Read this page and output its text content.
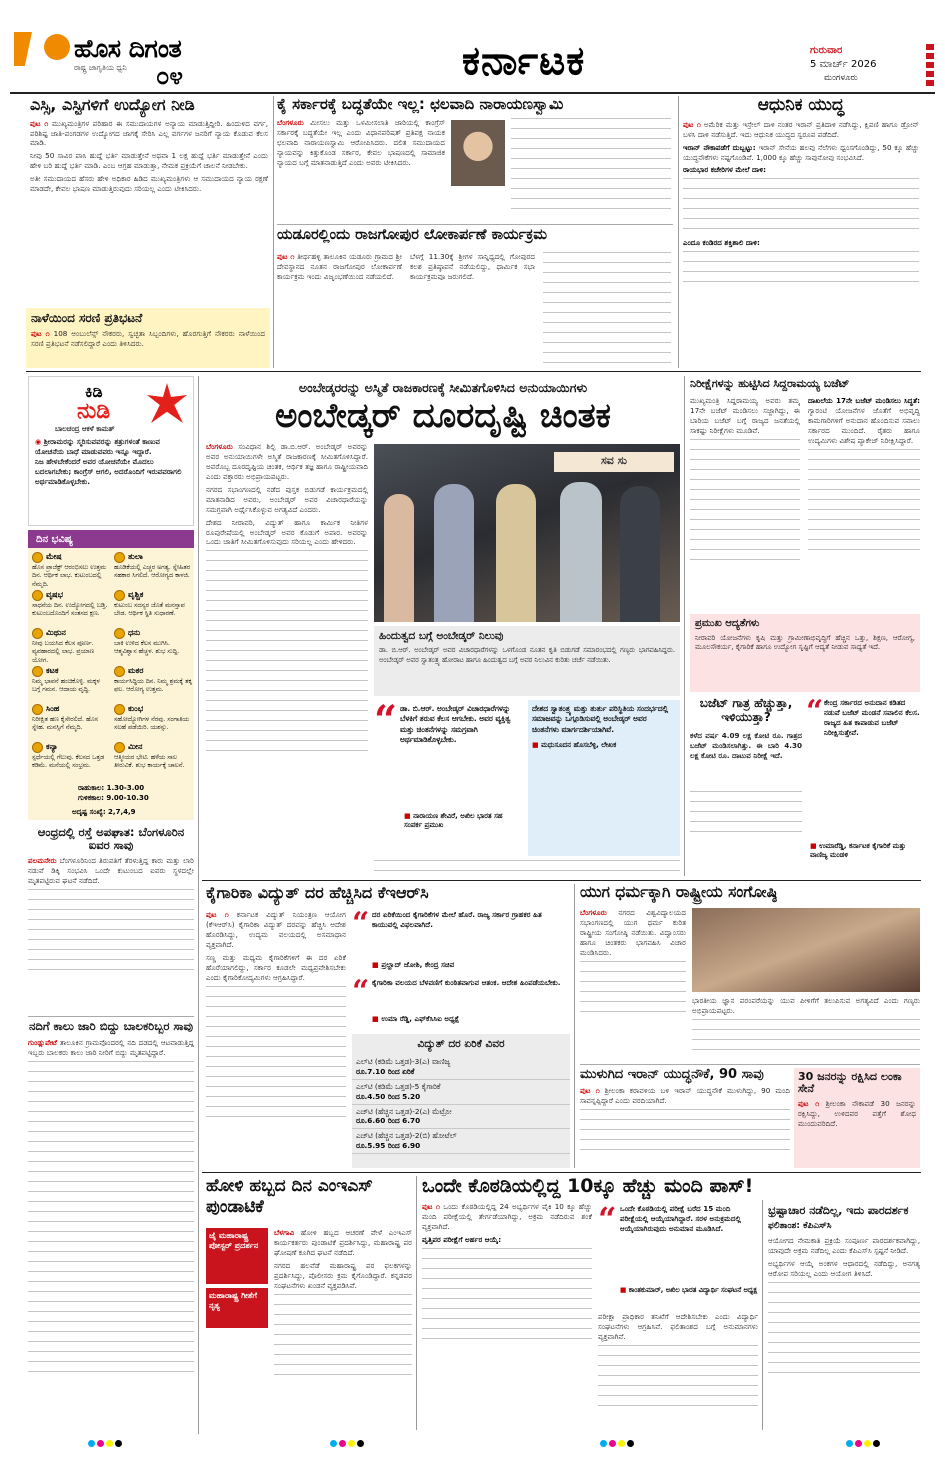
ಹೊಸ ದಿಗಂತ
ರಾಷ್ಟ್ರ ಜಾಗೃತಿಯ ಧ್ವನಿ ೦೪	ಕರ್ನಾಟಕ	ಗುರುವಾರ
5 ಮಾರ್ಚ್ 2026
ಮಂಗಳೂರು
ಎಸ್ಸಿ, ಎಸ್ಟಿಗಳಿಗೆ ಉದ್ಯೋಗ ನೀಡಿ

ಪುಟ ೧ ಮುಖ್ಯಮಂತ್ರಿಗಳ ಪರಿಹಾರ ಈ ಸಮುದಾಯಗಳ ಅನ್ಯಾಯ ಮಾಡುತ್ತಿದ್ದೀರಿ. ಹಿಂದುಳಿದ ವರ್ಗ, ಪರಿಶಿಷ್ಟ ಜಾತಿ-ಪಂಗಡಗಳ ಉದ್ಯೋಗದ ಜಾಗಕ್ಕೆ ಸೇರಿಸಿ ಎಲ್ಲ ವರ್ಗಗಳ ಜನರಿಗೆ ನ್ಯಾಯ ಕೊಡುವ ಕೆಲಸ ಮಾಡಿ.

ನೀವು 50 ಸಾವಿರ ಪಾಸಿ ಹುದ್ದೆ ಭರ್ತಿ ಮಾಡುತ್ತೇನೆ ಅಥವಾ 1 ಲಕ್ಷ ಹುದ್ದೆ ಭರ್ತಿ ಮಾಡುತ್ತೇನೆ ಎಂದು ಹೇಳಿ ಬರಿ ಹುದ್ದೆ ಭರ್ತಿ ಮಾಡಿ. ಎಂಬ ಆಗ್ರಹ ಮಾಡುತ್ತಾ, ನೇಮಕ ಪ್ರಕ್ರಿಯೆಗೆ ಚಾಲನೆ ನೀಡಬೇಕು.

ಅತೀ ಸಮುದಾಯದ ಹೆಸರು ಹೇಳಿ ಅಧಿಕಾರ ಹಿಡಿದ ಮುಖ್ಯಮಂತ್ರಿಗಳು ಆ ಸಮುದಾಯದ ನ್ಯಾಯ ರಕ್ಷಣೆ ಮಾಡದೇ, ಕೇವಲ ಭಾಷಣ ಮಾಡುತ್ತಿರುವುದು ಸರಿಯಲ್ಲ ಎಂದು ಟೀಕಿಸಿದರು.

ನಾಳೆಯಿಂದ ಸರಣಿ ಪ್ರತಿಭಟನೆ
ಪುಟ ೧ 108 ಆಂಬುಲೆನ್ಸ್ ನೌಕರರು, ಸ್ವಚ್ಛತಾ ಸಿಬ್ಬಂದಿಗಳು, ಹೊರಗುತ್ತಿಗೆ ನೌಕರರು ನಾಳೆಯಿಂದ ಸರಣಿ ಪ್ರತಿಭಟನೆ ನಡೆಸಲಿದ್ದಾರೆ ಎಂದು ತಿಳಿಸಿದರು.
ಕೈ ಸರ್ಕಾರಕ್ಕೆ ಬದ್ಧತೆಯೇ ಇಲ್ಲ: ಛಲವಾದಿ ನಾರಾಯಣಸ್ವಾಮಿ
ಬೆಂಗಳೂರು ಮೀಸಲು ಮತ್ತು ಒಳಮೀಸಲಾತಿ ಜಾರಿಯಲ್ಲಿ ಕಾಂಗ್ರೆಸ್ ಸರ್ಕಾರಕ್ಕೆ ಬದ್ಧತೆಯೇ ಇಲ್ಲ ಎಂದು ವಿಧಾನಪರಿಷತ್ ಪ್ರತಿಪಕ್ಷ ನಾಯಕ ಛಲವಾದಿ ನಾರಾಯಣಸ್ವಾಮಿ ಆರೋಪಿಸಿದರು. ದಲಿತ ಸಮುದಾಯದ ನ್ಯಾಯವನ್ನು ಕಿತ್ತುಕೊಂಡ ಸರ್ಕಾರ, ಕೇವಲ ಭಾಷಣದಲ್ಲಿ ಸಾಮಾಜಿಕ ನ್ಯಾಯದ ಬಗ್ಗೆ ಮಾತನಾಡುತ್ತಿದೆ ಎಂದು ಅವರು ಟೀಕಿಸಿದರು.
ಯಡೂರಲ್ಲಿಂದು ರಾಜಗೋಪುರ ಲೋಕಾರ್ಪಣೆ ಕಾರ್ಯಕ್ರಮ
ಪುಟ ೧ ತೀರ್ಥಹಳ್ಳಿ ತಾಲೂಕಿನ ಯಡೂರು ಗ್ರಾಮದ ಶ್ರೀ ದೇವಸ್ಥಾನದ ನೂತನ ರಾಜಗೋಪುರ ಲೋಕಾರ್ಪಣೆ ಕಾರ್ಯಕ್ರಮ ಇಂದು ವಿಜೃಂಭಣೆಯಿಂದ ನಡೆಯಲಿದೆ.
ಬೆಳಗ್ಗೆ 11.30ಕ್ಕೆ ಶ್ರೀಗಳ ಸಾನ್ನಿಧ್ಯದಲ್ಲಿ ಗೋಪುರದ ಕಲಶ ಪ್ರತಿಷ್ಠಾಪನೆ ನಡೆಯಲಿದ್ದು, ಧಾರ್ಮಿಕ ಸಭಾ ಕಾರ್ಯಕ್ರಮವೂ ಜರುಗಲಿದೆ.
ಆಧುನಿಕ ಯುದ್ಧ

ಪುಟ ೧ ಅಮೆರಿಕ ಮತ್ತು ಇಸ್ರೇಲ್ ದಾಳಿ ನಂತರ ಇರಾನ್ ಪ್ರತಿದಾಳಿ ನಡೆಸಿದ್ದು, ಕ್ಷಿಪಣಿ ಹಾಗೂ ಡ್ರೋನ್ ಬಳಸಿ ದಾಳಿ ನಡೆಸುತ್ತಿದೆ. ಇದು ಆಧುನಿಕ ಯುದ್ಧದ ಸ್ವರೂಪ ಪಡೆದಿದೆ.

ಇರಾನ್ ನೌಕಾಪಡೆಗೆ ದುಬ್ಬಟ್ಟು: ಇರಾನ್ ಸೇನೆಯ ಹಲವು ನೆಲೆಗಳು ಧ್ವಂಸಗೊಂಡಿದ್ದು, 50 ಕ್ಕೂ ಹೆಚ್ಚು ಯುದ್ಧನೌಕೆಗಳು ನಷ್ಟಗೊಂಡಿವೆ. 1,000 ಕ್ಕೂ ಹೆಚ್ಚು ಸಾವುನೋವು ಸಂಭವಿಸಿದೆ.

ರಾಯಭಾರ ಕಚೇರಿಗಳ ಮೇಲೆ ದಾಳಿ:

ಎಂದೂ ಕಂಡಿರದ ಶಕ್ತಿಶಾಲಿ ದಾಳಿ:

ಕಿಡಿ
ನುಡಿ
ಬಾಲಚಂದ್ರ ಆಕಳೆ ಕಾಮತ್
◉ ಶ್ರೀರಾಮರನ್ನು ಸ್ಮರಿಸುವವರನ್ನು ಶತ್ರುಗಳಂತೆ ಕಾಣುವ ಯೋಚನೆಯ ಬಾಧೆ ಮಾಡುವವರು ಇನ್ನೂ ಇದ್ದಾರೆ.
ನಿಜ ಹೇಳಬೇಕೆಂದರೆ ಅವರ ಯೋಚನೆಯೇ ಮೊದಲು ಬದಲಾಗಬೇಕು; ಕಾಂಗ್ರೆಸ್ ಆಗಲಿ, ಅದರೊಂದಿಗೆ ಇರುವವರಾಗಲಿ ಅರ್ಥಮಾಡಿಕೊಳ್ಳಬೇಕು.
ದಿನ ಭವಿಷ್ಯ
ಮೇಷ
ಹೊಸ ಪ್ರಾಜೆಕ್ಟ್ ಆರಂಭಿಸಲು ಉತ್ತಮ ದಿನ. ಆರ್ಥಿಕ ಲಾಭ. ಕುಟುಂಬದಲ್ಲಿ ನೆಮ್ಮದಿ.
ತುಲಾ
ಹೂಡಿಕೆಯಲ್ಲಿ ಎಚ್ಚರ ಅಗತ್ಯ. ಸ್ನೇಹಿತರ ಸಹಕಾರ ಸಿಗಲಿದೆ. ಆರೋಗ್ಯದ ಕಾಳಜಿ.
ವೃಷಭ
ಸಾಧನೆಯ ದಿನ. ಉದ್ಯೋಗದಲ್ಲಿ ಬಡ್ತಿ. ಕುಟುಂಬದೊಂದಿಗೆ ಸಂತಸದ ಕ್ಷಣ.
ವೃಶ್ಚಿಕ
ಕುಟುಂಬ ಸದಸ್ಯರ ಜೊತೆ ಮನಸ್ತಾಪ ಬೇಡ. ಆರ್ಥಿಕ ಸ್ಥಿತಿ ಸುಧಾರಣೆ.
ಮಿಥುನ
ನೀವು ಬಯಸಿದ ಕೆಲಸ ಪೂರ್ಣ. ವ್ಯವಹಾರದಲ್ಲಿ ಲಾಭ. ಪ್ರಯಾಣ ಯೋಗ.
ಧನು
ಬಾಕಿ ಉಳಿದ ಕೆಲಸ ಮುಗಿಸಿ. ಆತ್ಮವಿಶ್ವಾಸ ಹೆಚ್ಚಳ. ಶುಭ ಸುದ್ದಿ.
ಕಟಕ
ನಿಮ್ಮ ಭಾವನೆ ಹಂಚಿಕೊಳ್ಳಿ. ಮಕ್ಕಳ ಬಗ್ಗೆ ಗಮನ. ಆದಾಯ ವೃದ್ಧಿ.
ಮಕರ
ಕಾರ್ಯಸಿದ್ಧಿಯ ದಿನ. ನಿಮ್ಮ ಶ್ರಮಕ್ಕೆ ತಕ್ಕ ಫಲ. ಆರೋಗ್ಯ ಉತ್ತಮ.
ಸಿಂಹ
ನಿರೀಕ್ಷಿತ ಹಣ ಕೈಸೇರಲಿದೆ. ಹೊಸ ಸ್ನೇಹ. ಮನಸ್ಸಿಗೆ ನೆಮ್ಮದಿ.
ಕುಂಭ
ಸಹೋದ್ಯೋಗಿಗಳ ನೆರವು. ಸಂಗಾತಿಯ ಸಲಹೆ ಪಡೆಯಿರಿ. ಯಶಸ್ಸು.
ಕನ್ಯಾ
ಸ್ಪರ್ಧೆಯಲ್ಲಿ ಗೆಲುವು. ಕೆಲಸದ ಒತ್ತಡ ಕಡಿಮೆ. ಮನೆಯಲ್ಲಿ ಸಂಭ್ರಮ.
ಮೀನ
ಆತ್ಮೀಯರ ಭೇಟಿ. ಹಳೆಯ ಸಾಲ ತೀರುವಿಕೆ. ಶುಭ ಕಾರ್ಯಕ್ಕೆ ಚಾಲನೆ.
ರಾಹುಕಾಲ: 1.30-3.00
ಗುಳಿಕಕಾಲ: 9.00-10.30
ಅದೃಷ್ಟ ಸಂಖ್ಯೆ: 2,7,4,9
ಆಂಧ್ರದಲ್ಲಿ ರಸ್ತೆ ಅಪಘಾತ: ಬೆಂಗಳೂರಿನ ಐವರ ಸಾವು
ಪಲಮನೇರು ಬೆಂಗಳೂರಿನಿಂದ ತಿರುಪತಿಗೆ ತೆರಳುತ್ತಿದ್ದ ಕಾರು ಮತ್ತು ಲಾರಿ ನಡುವೆ ಡಿಕ್ಕಿ ಸಂಭವಿಸಿ ಒಂದೇ ಕುಟುಂಬದ ಐವರು ಸ್ಥಳದಲ್ಲೇ ಮೃತಪಟ್ಟಿರುವ ಘಟನೆ ನಡೆದಿದೆ.
ನದಿಗೆ ಕಾಲು ಜಾರಿ ಬಿದ್ದು ಬಾಲಕರಿಬ್ಬರ ಸಾವು
ಗುಂಡ್ಲುಪೇಟೆ ತಾಲೂಕಿನ ಗ್ರಾಮವೊಂದರಲ್ಲಿ ನದಿ ದಡದಲ್ಲಿ ಆಟವಾಡುತ್ತಿದ್ದ ಇಬ್ಬರು ಬಾಲಕರು ಕಾಲು ಜಾರಿ ನೀರಿಗೆ ಬಿದ್ದು ಮೃತಪಟ್ಟಿದ್ದಾರೆ.
ಅಂಬೇಡ್ಕರರನ್ನು ಅಸ್ಮಿತೆ ರಾಜಕಾರಣಕ್ಕೆ ಸೀಮಿತಗೊಳಿಸಿದ ಅನುಯಾಯಿಗಳು
ಅಂಬೇಡ್ಕರ್ ದೂರದೃಷ್ಟಿ ಚಿಂತಕ

ಬೆಂಗಳೂರು ಸಂವಿಧಾನ ಶಿಲ್ಪಿ ಡಾ.ಬಿ.ಆರ್. ಅಂಬೇಡ್ಕರ್ ಅವರನ್ನು ಅವರ ಅನುಯಾಯಿಗಳೇ ಅಸ್ಮಿತೆ ರಾಜಕಾರಣಕ್ಕೆ ಸೀಮಿತಗೊಳಿಸಿದ್ದಾರೆ. ಅವರೊಬ್ಬ ದೂರದೃಷ್ಟಿಯ ಚಿಂತಕ, ಆರ್ಥಿಕ ತಜ್ಞ ಹಾಗೂ ರಾಷ್ಟ್ರೀಯವಾದಿ ಎಂದು ವಕ್ತಾರರು ಅಭಿಪ್ರಾಯಪಟ್ಟರು.

ನಗರದ ಸಭಾಂಗಣದಲ್ಲಿ ನಡೆದ ಪುಸ್ತಕ ಬಿಡುಗಡೆ ಕಾರ್ಯಕ್ರಮದಲ್ಲಿ ಮಾತನಾಡಿದ ಅವರು, ಅಂಬೇಡ್ಕರ್ ಅವರ ವಿಚಾರಧಾರೆಯನ್ನು ಸಮಗ್ರವಾಗಿ ಅರ್ಥೈಸಿಕೊಳ್ಳುವ ಅಗತ್ಯವಿದೆ ಎಂದರು.

ದೇಶದ ನೀರಾವರಿ, ವಿದ್ಯುತ್ ಹಾಗೂ ಕಾರ್ಮಿಕ ನೀತಿಗಳ ರೂಪುರೇಷೆಯಲ್ಲಿ ಅಂಬೇಡ್ಕರ್ ಅವರ ಕೊಡುಗೆ ಅಪಾರ. ಅವರನ್ನು ಒಂದು ಜಾತಿಗೆ ಸೀಮಿತಗೊಳಿಸುವುದು ಸರಿಯಲ್ಲ ಎಂದು ಹೇಳಿದರು.

ಸವ ಸು
ಹಿಂದುತ್ವದ ಬಗ್ಗೆ ಅಂಬೇಡ್ಕರ್ ನಿಲುವು
ಡಾ. ಬಿ.ಆರ್. ಅಂಬೇಡ್ಕರ್ ಅವರ ವಿಚಾರಧಾರೆಗಳನ್ನು ಒಳಗೊಂಡ ನೂತನ ಕೃತಿ ಬಿಡುಗಡೆ ಸಮಾರಂಭದಲ್ಲಿ ಗಣ್ಯರು ಭಾಗವಹಿಸಿದ್ದರು. ಅಂಬೇಡ್ಕರ್ ಅವರ ಸ್ವಾತಂತ್ರ್ಯ ಹೋರಾಟ ಹಾಗೂ ಹಿಂದುತ್ವದ ಬಗ್ಗೆ ಅವರ ನಿಲುವಿನ ಕುರಿತು ಚರ್ಚೆ ನಡೆಯಿತು.
“ ಡಾ. ಬಿ.ಆರ್. ಅಂಬೇಡ್ಕರ್ ವಿಚಾರಧಾರೆಗಳನ್ನು ಬೆಳಕಿಗೆ ತರುವ ಕೆಲಸ ಆಗಬೇಕು. ಅವರ ವ್ಯಕ್ತಿತ್ವ ಮತ್ತು ಚಿಂತನೆಗಳನ್ನು ಸಮಗ್ರವಾಗಿ ಅರ್ಥಮಾಡಿಕೊಳ್ಳಬೇಕು.
■ ನಾರಾಯಣ ಶೇವಿರೆ, ಅಖಿಲ ಭಾರತ ಸಹ ಸಂಪರ್ಕ ಪ್ರಮುಖ
ದೇಶದ ಸ್ವಾತಂತ್ರ್ಯ ಮತ್ತು ತುರ್ತು ಪರಿಸ್ಥಿತಿಯ ಸಂದರ್ಭದಲ್ಲಿ ಸಮಾಜವನ್ನು ಒಗ್ಗೂಡಿಸುವಲ್ಲಿ ಅಂಬೇಡ್ಕರ್ ಅವರ ಚಿಂತನೆಗಳು ಮಾರ್ಗದರ್ಶಿಯಾಗಿವೆ.
■ ಮಧುಸೂದನ ಹೊಸಬೆಳ್ಳಿ, ಲೇಖಕ
ನಿರೀಕ್ಷೆಗಳನ್ನು ಹುಟ್ಟಿಸಿದ ಸಿದ್ದರಾಮಯ್ಯ ಬಜೆಟ್
ಮುಖ್ಯಮಂತ್ರಿ ಸಿದ್ದರಾಮಯ್ಯ ಅವರು ತಮ್ಮ 17ನೇ ಬಜೆಟ್ ಮಂಡಿಸಲು ಸಜ್ಜಾಗಿದ್ದು, ಈ ಬಾರಿಯ ಬಜೆಟ್ ಬಗ್ಗೆ ರಾಜ್ಯದ ಜನತೆಯಲ್ಲಿ ಸಾಕಷ್ಟು ನಿರೀಕ್ಷೆಗಳು ಮೂಡಿವೆ.
ದಾಖಲೆಯ 17ನೇ ಬಜೆಟ್ ಮಂಡಿಸಲು ಸಿದ್ಧತೆ: ಗ್ಯಾರಂಟಿ ಯೋಜನೆಗಳ ಜೊತೆಗೆ ಅಭಿವೃದ್ಧಿ ಕಾಮಗಾರಿಗಳಿಗೆ ಅನುದಾನ ಹೊಂದಿಸುವ ಸವಾಲು ಸರ್ಕಾರದ ಮುಂದಿದೆ. ರೈತರು ಹಾಗೂ ಉದ್ಯಮಿಗಳು ವಿಶೇಷ ಪ್ಯಾಕೇಜ್ ನಿರೀಕ್ಷಿಸಿದ್ದಾರೆ.
ಪ್ರಮುಖ ಆದ್ಯತೆಗಳು
ನೀರಾವರಿ ಯೋಜನೆಗಳು ಕೃಷಿ ಮತ್ತು ಗ್ರಾಮೀಣಾಭಿವೃದ್ಧಿಗೆ ಹೆಚ್ಚಿನ ಒತ್ತು, ಶಿಕ್ಷಣ, ಆರೋಗ್ಯ, ಮೂಲಸೌಕರ್ಯ, ಕೈಗಾರಿಕೆ ಹಾಗೂ ಉದ್ಯೋಗ ಸೃಷ್ಟಿಗೆ ಆದ್ಯತೆ ನೀಡುವ ಸಾಧ್ಯತೆ ಇದೆ.
ಬಜೆಟ್ ಗಾತ್ರ ಹೆಚ್ಚುತ್ತಾ, ಇಳಿಯುತ್ತಾ?
ಕಳೆದ ವರ್ಷ 4.09 ಲಕ್ಷ ಕೋಟಿ ರೂ. ಗಾತ್ರದ ಬಜೆಟ್ ಮಂಡಿಸಲಾಗಿತ್ತು. ಈ ಬಾರಿ 4.30 ಲಕ್ಷ ಕೋಟಿ ರೂ. ದಾಟುವ ನಿರೀಕ್ಷೆ ಇದೆ.
“ ಕೇಂದ್ರ ಸರ್ಕಾರದ ಅನುದಾನ ಕಡಿತದ ನಡುವೆ ಬಜೆಟ್ ಮಂಡನೆ ಸವಾಲಿನ ಕೆಲಸ. ರಾಜ್ಯದ ಹಿತ ಕಾಪಾಡುವ ಬಜೆಟ್ ನಿರೀಕ್ಷಿಸುತ್ತೇವೆ.
■ ಉಮಾರೆಡ್ಡಿ, ಕರ್ನಾಟಕ ಕೈಗಾರಿಕೆ ಮತ್ತು ವಾಣಿಜ್ಯ ಮಂಡಳಿ
ಕೈಗಾರಿಕಾ ವಿದ್ಯುತ್ ದರ ಹೆಚ್ಚಿಸಿದ ಕೆಇಆರ್‌ಸಿ

ಪುಟ ೧ ಕರ್ನಾಟಕ ವಿದ್ಯುತ್ ನಿಯಂತ್ರಣ ಆಯೋಗ (ಕೆಇಆರ್‌ಸಿ) ಕೈಗಾರಿಕಾ ವಿದ್ಯುತ್ ದರವನ್ನು ಹೆಚ್ಚಿಸಿ ಆದೇಶ ಹೊರಡಿಸಿದ್ದು, ಉದ್ಯಮ ವಲಯದಲ್ಲಿ ಅಸಮಾಧಾನ ವ್ಯಕ್ತವಾಗಿದೆ.

ಸಣ್ಣ ಮತ್ತು ಮಧ್ಯಮ ಕೈಗಾರಿಕೆಗಳಿಗೆ ಈ ದರ ಏರಿಕೆ ಹೊರೆಯಾಗಲಿದ್ದು, ಸರ್ಕಾರ ಕೂಡಲೇ ಮಧ್ಯಪ್ರವೇಶಿಸಬೇಕು ಎಂದು ಕೈಗಾರಿಕೋದ್ಯಮಿಗಳು ಆಗ್ರಹಿಸಿದ್ದಾರೆ.

“ ದರ ಏರಿಕೆಯಿಂದ ಕೈಗಾರಿಕೆಗಳ ಮೇಲೆ ಹೊರೆ. ರಾಜ್ಯ ಸರ್ಕಾರ ಗ್ರಾಹಕರ ಹಿತ ಕಾಯುವಲ್ಲಿ ವಿಫಲವಾಗಿದೆ.
■ ಪ್ರಲ್ಹಾದ್ ಜೋಶಿ, ಕೇಂದ್ರ ಸಚಿವ
“ ಕೈಗಾರಿಕಾ ವಲಯದ ಬೆಳವಣಿಗೆ ಕುಂಠಿತವಾಗುವ ಆತಂಕ. ಆದೇಶ ಹಿಂಪಡೆಯಬೇಕು.
■ ಉಮಾ ರೆಡ್ಡಿ, ಎಫ್‌ಕೆಸಿಸಿಐ ಅಧ್ಯಕ್ಷೆ
ವಿದ್ಯುತ್ ದರ ಏರಿಕೆ ವಿವರ
ಎಲ್‌ಟಿ (ಕಡಿಮೆ ಒತ್ತಡ)-3(ಎ) ವಾಣಿಜ್ಯ
ರೂ.7.10 ರಿಂದ ಏರಿಕೆ
ಎಲ್‌ಟಿ (ಕಡಿಮೆ ಒತ್ತಡ)-5 ಕೈಗಾರಿಕೆ
ರೂ.4.50 ರಿಂದ 5.20
ಎಚ್‌ಟಿ (ಹೆಚ್ಚಿನ ಒತ್ತಡ)-2(ಎ) ಮೆಟ್ರೋ
ರೂ.6.60 ರಿಂದ 6.70
ಎಚ್‌ಟಿ (ಹೆಚ್ಚಿನ ಒತ್ತಡ)-2(ಬಿ) ಹೋಟೆಲ್
ರೂ.5.95 ರಿಂದ 6.90
ಯುಗ ಧರ್ಮಕ್ಕಾಗಿ ರಾಷ್ಟ್ರೀಯ ಸಂಗೋಷ್ಠಿ
ಬೆಂಗಳೂರು ನಗರದ ವಿಶ್ವವಿದ್ಯಾಲಯದ ಸಭಾಂಗಣದಲ್ಲಿ ಯುಗ ಧರ್ಮ ಕುರಿತ ರಾಷ್ಟ್ರೀಯ ಸಂಗೋಷ್ಠಿ ನಡೆಯಿತು. ವಿದ್ವಾಂಸರು ಹಾಗೂ ಚಿಂತಕರು ಭಾಗವಹಿಸಿ ವಿಚಾರ ಮಂಡಿಸಿದರು.
ಭಾರತೀಯ ಜ್ಞಾನ ಪರಂಪರೆಯನ್ನು ಯುವ ಪೀಳಿಗೆಗೆ ತಲುಪಿಸುವ ಅಗತ್ಯವಿದೆ ಎಂದು ಗಣ್ಯರು ಅಭಿಪ್ರಾಯಪಟ್ಟರು.
ಮುಳುಗಿದ ಇರಾನ್ ಯುದ್ಧನೌಕೆ, 90 ಸಾವು
ಪುಟ ೧ ಶ್ರೀಲಂಕಾ ಕರಾವಳಿಯ ಬಳಿ ಇರಾನ್ ಯುದ್ಧನೌಕೆ ಮುಳುಗಿದ್ದು, 90 ಮಂದಿ ಸಾವನ್ನಪ್ಪಿದ್ದಾರೆ ಎಂದು ವರದಿಯಾಗಿದೆ.
30 ಜನರನ್ನು ರಕ್ಷಿಸಿದ ಲಂಕಾ ಸೇನೆ
ಪುಟ ೧ ಶ್ರೀಲಂಕಾ ನೌಕಾಪಡೆ 30 ಜನರನ್ನು ರಕ್ಷಿಸಿದ್ದು, ಉಳಿದವರ ಪತ್ತೆಗೆ ಶೋಧ ಮುಂದುವರಿದಿದೆ.
ಹೋಳಿ ಹಬ್ಬದ ದಿನ ಎಂಇಎಸ್ ಪುಂಡಾಟಿಕೆ
ಜೈ ಮಹಾರಾಷ್ಟ್ರ ಪೋಸ್ಟರ್ ಪ್ರದರ್ಶನ
ಮಹಾರಾಷ್ಟ್ರ ಗೀತೆಗೆ ನೃತ್ಯ

ಬೆಳಗಾವಿ ಹೋಳಿ ಹಬ್ಬದ ಆಚರಣೆ ವೇಳೆ ಎಂಇಎಸ್ ಕಾರ್ಯಕರ್ತರು ಪುಂಡಾಟಿಕೆ ಪ್ರದರ್ಶಿಸಿದ್ದು, ಮಹಾರಾಷ್ಟ್ರ ಪರ ಘೋಷಣೆ ಕೂಗಿದ ಘಟನೆ ನಡೆದಿದೆ.

ನಗರದ ಹಲವೆಡೆ ಮಹಾರಾಷ್ಟ್ರ ಪರ ಫಲಕಗಳನ್ನು ಪ್ರದರ್ಶಿಸಿದ್ದು, ಪೊಲೀಸರು ಕ್ರಮ ಕೈಗೊಂಡಿದ್ದಾರೆ. ಕನ್ನಡಪರ ಸಂಘಟನೆಗಳು ಖಂಡನೆ ವ್ಯಕ್ತಪಡಿಸಿವೆ.

ಒಂದೇ ಕೊಠಡಿಯಲ್ಲಿದ್ದ 10ಕ್ಕೂ ಹೆಚ್ಚು ಮಂದಿ ಪಾಸ್!

ಪುಟ ೧ ಒಂದು ಕೊಠಡಿಯಲ್ಲಿದ್ದ 24 ಅಭ್ಯರ್ಥಿಗಳ ಪೈಕಿ 10 ಕ್ಕೂ ಹೆಚ್ಚು ಮಂದಿ ಪರೀಕ್ಷೆಯಲ್ಲಿ ತೇರ್ಗಡೆಯಾಗಿದ್ದು, ಅಕ್ರಮ ನಡೆದಿರುವ ಶಂಕೆ ವ್ಯಕ್ತವಾಗಿದೆ.

ವೃತ್ತಿಪರ ಪರೀಕ್ಷೆಗೆ ಅರ್ಹರ ಆಯ್ಕೆ:

“ ಒಂದೇ ಕೊಠಡಿಯಲ್ಲಿ ಪರೀಕ್ಷೆ ಬರೆದ 15 ಮಂದಿ ಪರೀಕ್ಷೆಯಲ್ಲಿ ಆಯ್ಕೆಯಾಗಿದ್ದಾರೆ. ಸರಳ ಅನುಕ್ರಮದಲ್ಲಿ ಆಯ್ಕೆಯಾಗಿರುವುದು ಅನುಮಾನ ಮೂಡಿಸಿದೆ.
■ ಕಾಂತಕುಮಾರ್, ಅಖಿಲ ಭಾರತ ವಿದ್ಯಾರ್ಥಿ ಸಂಘಟನೆ ಅಧ್ಯಕ್ಷ
ಪರೀಕ್ಷಾ ಪ್ರಾಧಿಕಾರ ತನಿಖೆಗೆ ಆದೇಶಿಸಬೇಕು ಎಂದು ವಿದ್ಯಾರ್ಥಿ ಸಂಘಟನೆಗಳು ಆಗ್ರಹಿಸಿವೆ. ಫಲಿತಾಂಶದ ಬಗ್ಗೆ ಅನುಮಾನಗಳು ವ್ಯಕ್ತವಾಗಿವೆ.
ಭ್ರಷ್ಟಾಚಾರ ನಡೆದಿಲ್ಲ, ಇದು ಪಾರದರ್ಶಕ
ಫಲಿತಾಂಶ: ಕೆಪಿಎಸ್‌ಸಿ

ಆಯೋಗದ ನೇಮಕಾತಿ ಪ್ರಕ್ರಿಯೆ ಸಂಪೂರ್ಣ ಪಾರದರ್ಶಕವಾಗಿದ್ದು, ಯಾವುದೇ ಅಕ್ರಮ ನಡೆದಿಲ್ಲ ಎಂದು ಕೆಪಿಎಸ್‌ಸಿ ಸ್ಪಷ್ಟನೆ ನೀಡಿದೆ.

ಅಭ್ಯರ್ಥಿಗಳ ಆಯ್ಕೆ ಅಂಕಗಳ ಆಧಾರದಲ್ಲಿ ನಡೆದಿದ್ದು, ಅನಗತ್ಯ ಆರೋಪ ಸರಿಯಲ್ಲ ಎಂದು ಆಯೋಗ ತಿಳಿಸಿದೆ.
